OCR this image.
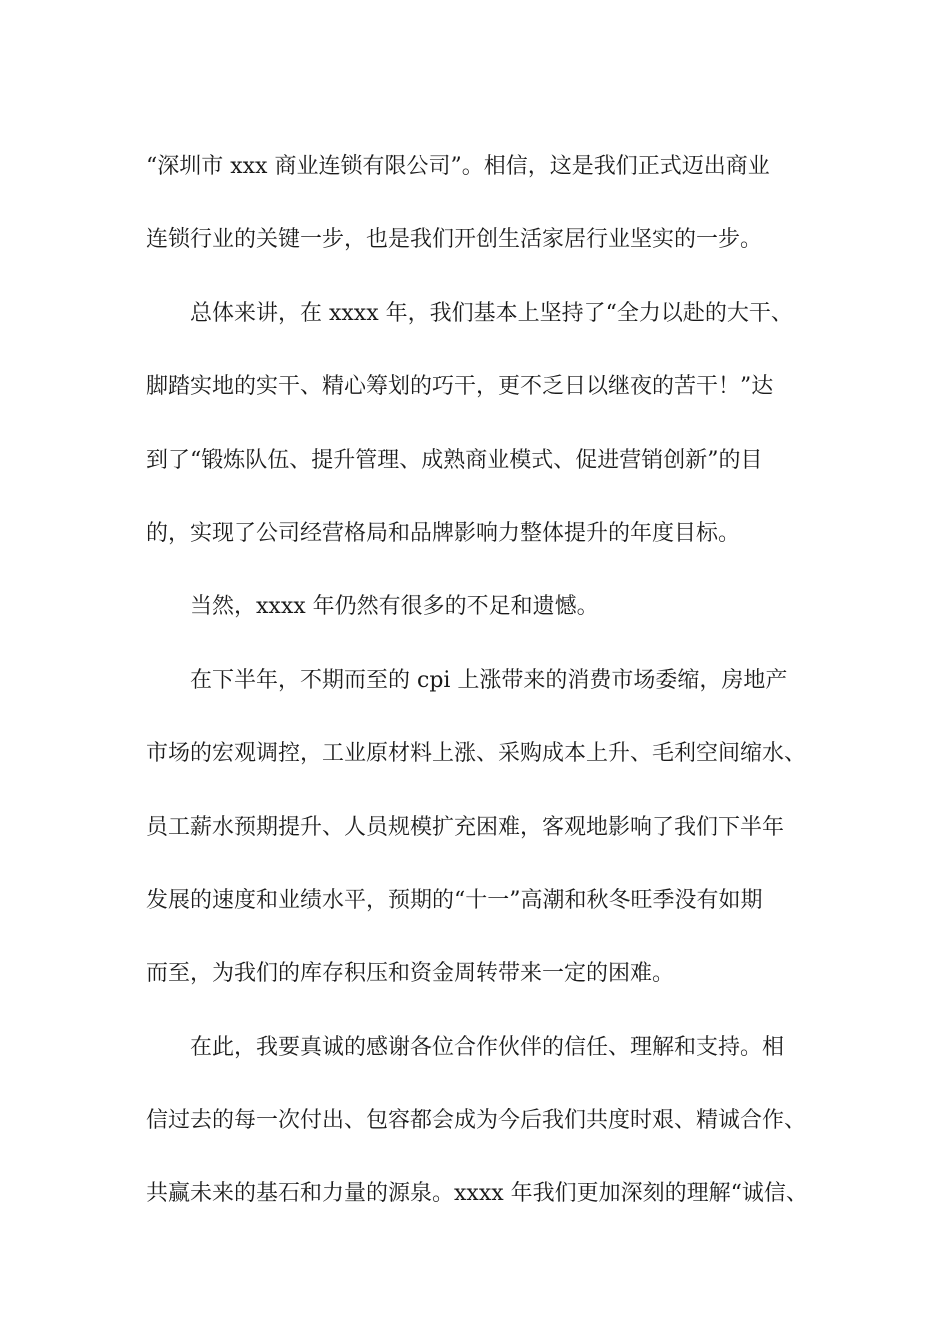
“深圳市 xxx 商业连锁有限公司”。相信，这是我们正式迈出商业
连锁行业的关键一步，也是我们开创生活家居行业坚实的一步。
总体来讲，在 xxxx 年，我们基本上坚持了“全力以赴的大干、
脚踏实地的实干、精心筹划的巧干，更不乏日以继夜的苦干！”达
到了“锻炼队伍、提升管理、成熟商业模式、促进营销创新”的目
的，实现了公司经营格局和品牌影响力整体提升的年度目标。
当然，xxxx 年仍然有很多的不足和遗憾。
在下半年，不期而至的 cpi 上涨带来的消费市场委缩，房地产
市场的宏观调控，工业原材料上涨、采购成本上升、毛利空间缩水、
员工薪水预期提升、人员规模扩充困难，客观地影响了我们下半年
发展的速度和业绩水平，预期的“十一”高潮和秋冬旺季没有如期
而至，为我们的库存积压和资金周转带来一定的困难。
在此，我要真诚的感谢各位合作伙伴的信任、理解和支持。相
信过去的每一次付出、包容都会成为今后我们共度时艰、精诚合作、
共赢未来的基石和力量的源泉。xxxx 年我们更加深刻的理解“诚信、
